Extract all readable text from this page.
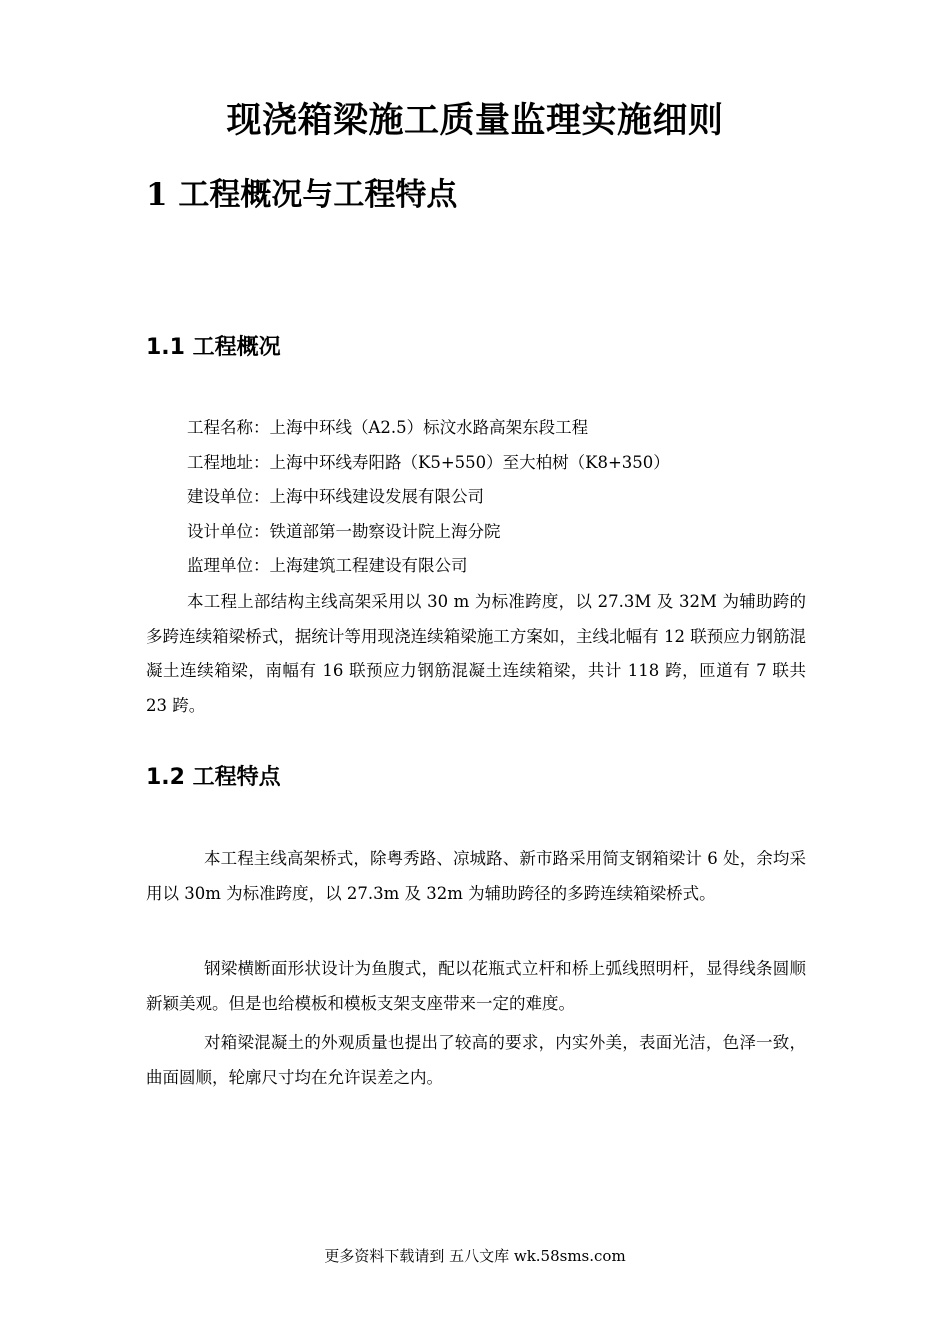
现浇箱梁施工质量监理实施细则
1 工程概况与工程特点
1.1 工程概况
工程名称：上海中环线（A2.5）标汶水路高架东段工程
工程地址：上海中环线寿阳路（K5+550）至大柏树（K8+350）
建设单位：上海中环线建设发展有限公司
设计单位：铁道部第一勘察设计院上海分院
监理单位：上海建筑工程建设有限公司

本工程上部结构主线高架采用以 30 m 为标准跨度，以 27.3M 及 32M 为辅助跨的多跨连续箱梁桥式，据统计等用现浇连续箱梁施工方案如，主线北幅有 12 联预应力钢筋混凝土连续箱梁，南幅有 16 联预应力钢筋混凝土连续箱梁，共计 118 跨，匝道有 7 联共 23 跨。

1.2 工程特点

本工程主线高架桥式，除粤秀路、凉城路、新市路采用简支钢箱梁计 6 处，余均采用以 30m 为标准跨度，以 27.3m 及 32m 为辅助跨径的多跨连续箱梁桥式。

钢梁横断面形状设计为鱼腹式，配以花瓶式立杆和桥上弧线照明杆，显得线条圆顺新颖美观。但是也给模板和模板支架支座带来一定的难度。

对箱梁混凝土的外观质量也提出了较高的要求，内实外美，表面光洁，色泽一致，曲面圆顺，轮廓尺寸均在允许误差之内。

更多资料下载请到 五八文库 wk.58sms.com
